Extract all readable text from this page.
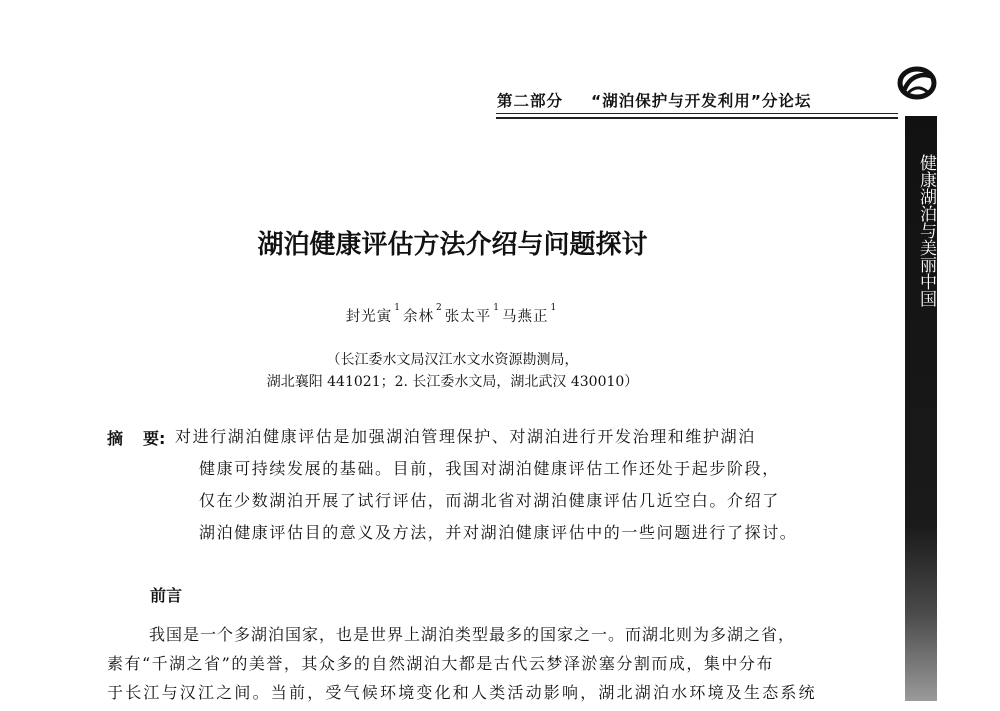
第二部分 “湖泊保护与开发利用”分论坛
健康湖泊与美丽中国
湖泊健康评估方法介绍与问题探讨
封光寅$^1$余林$^2$张太平$^1$马燕正$^1$
（长江委水文局汉江水文水资源勘测局，
湖北襄阳 441021；2. 长江委水文局，湖北武汉 430010）
摘 要: 对进行湖泊健康评估是加强湖泊管理保护、对湖泊进行开发治理和维护湖泊
健康可持续发展的基础。目前，我国对湖泊健康评估工作还处于起步阶段，
仅在少数湖泊开展了试行评估，而湖北省对湖泊健康评估几近空白。介绍了
湖泊健康评估目的意义及方法，并对湖泊健康评估中的一些问题进行了探讨。
前言
我国是一个多湖泊国家，也是世界上湖泊类型最多的国家之一。而湖北则为多湖之省，
素有“千湖之省”的美誉，其众多的自然湖泊大都是古代云梦泽淤塞分割而成，集中分布
于长江与汉江之间。当前，受气候环境变化和人类活动影响，湖北湖泊水环境及生态系统
